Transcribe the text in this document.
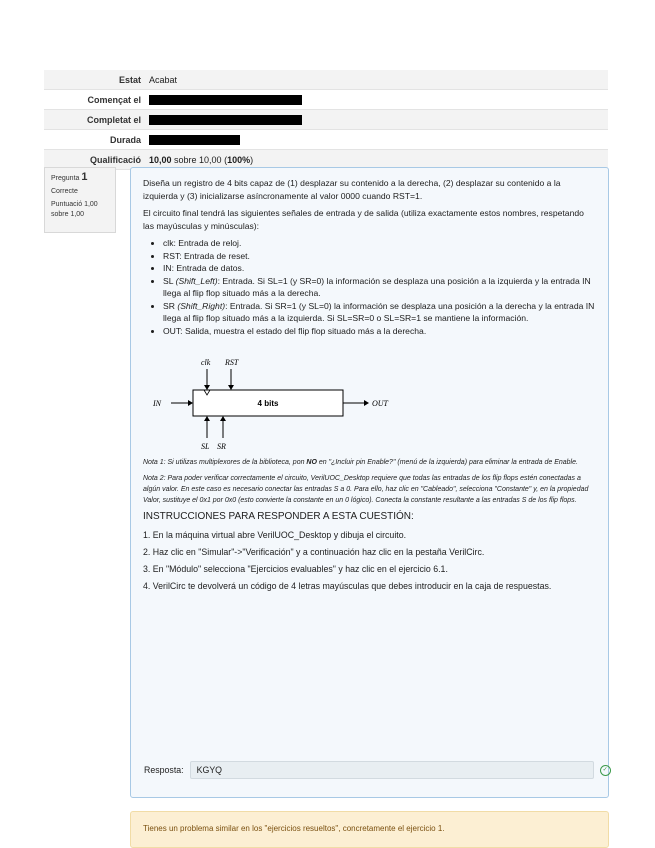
Estat	Acabat
Començat el	
Completat el	
Durada	
Qualificació	10,00 sobre 10,00 (100%)
Pregunta 1
Correcte
Puntuació 1,00 sobre 1,00

Diseña un registro de 4 bits capaz de (1) desplazar su contenido a la derecha, (2) desplazar su contenido a la izquierda y (3) inicializarse asíncronamente al valor 0000 cuando RST=1.

El circuito final tendrá las siguientes señales de entrada y de salida (utiliza exactamente estos nombres, respetando las mayúsculas y minúsculas):

• clk: Entrada de reloj.
• RST: Entrada de reset.
• IN: Entrada de datos.
• SL (Shift_Left): Entrada. Si SL=1 (y SR=0) la información se desplaza una posición a la izquierda y la entrada IN llega al flip flop situado más a la derecha.
• SR (Shift_Right): Entrada. Si SR=1 (y SL=0) la información se desplaza una posición a la derecha y la entrada IN llega al flip flop situado más a la izquierda. Si SL=SR=0 o SL=SR=1 se mantiene la información.
• OUT: Salida, muestra el estado del flip flop situado más a la derecha.
clk RST
4 bits
IN	OUT
SL SR

Nota 1: Si utilizas multiplexores de la biblioteca, pon NO en "¿Incluir pin Enable?" (menú de la izquierda) para eliminar la entrada de Enable.

Nota 2: Para poder verificar correctamente el circuito, VerilUOC_Desktop requiere que todas las entradas de los flip flops estén conectadas a algún valor. En este caso es necesario conectar las entradas S a 0. Para ello, haz clic en "Cableado", selecciona "Constante" y, en la propiedad Valor, sustituye el 0x1 por 0x0 (esto convierte la constante en un 0 lógico). Conecta la constante resultante a las entradas S de los flip flops.

INSTRUCCIONES PARA RESPONDER A ESTA CUESTIÓN:

1. En la máquina virtual abre VerilUOC_Desktop y dibuja el circuito.

2. Haz clic en "Simular"->"Verificación" y a continuación haz clic en la pestaña VerilCirc.

3. En "Módulo" selecciona "Ejercicios evaluables" y haz clic en el ejercicio 6.1.

4. VerilCirc te devolverá un código de 4 letras mayúsculas que debes introducir en la caja de respuestas.

Resposta:
KGYQ	✓
Tienes un problema similar en los "ejercicios resueltos", concretamente el ejercicio 1.
